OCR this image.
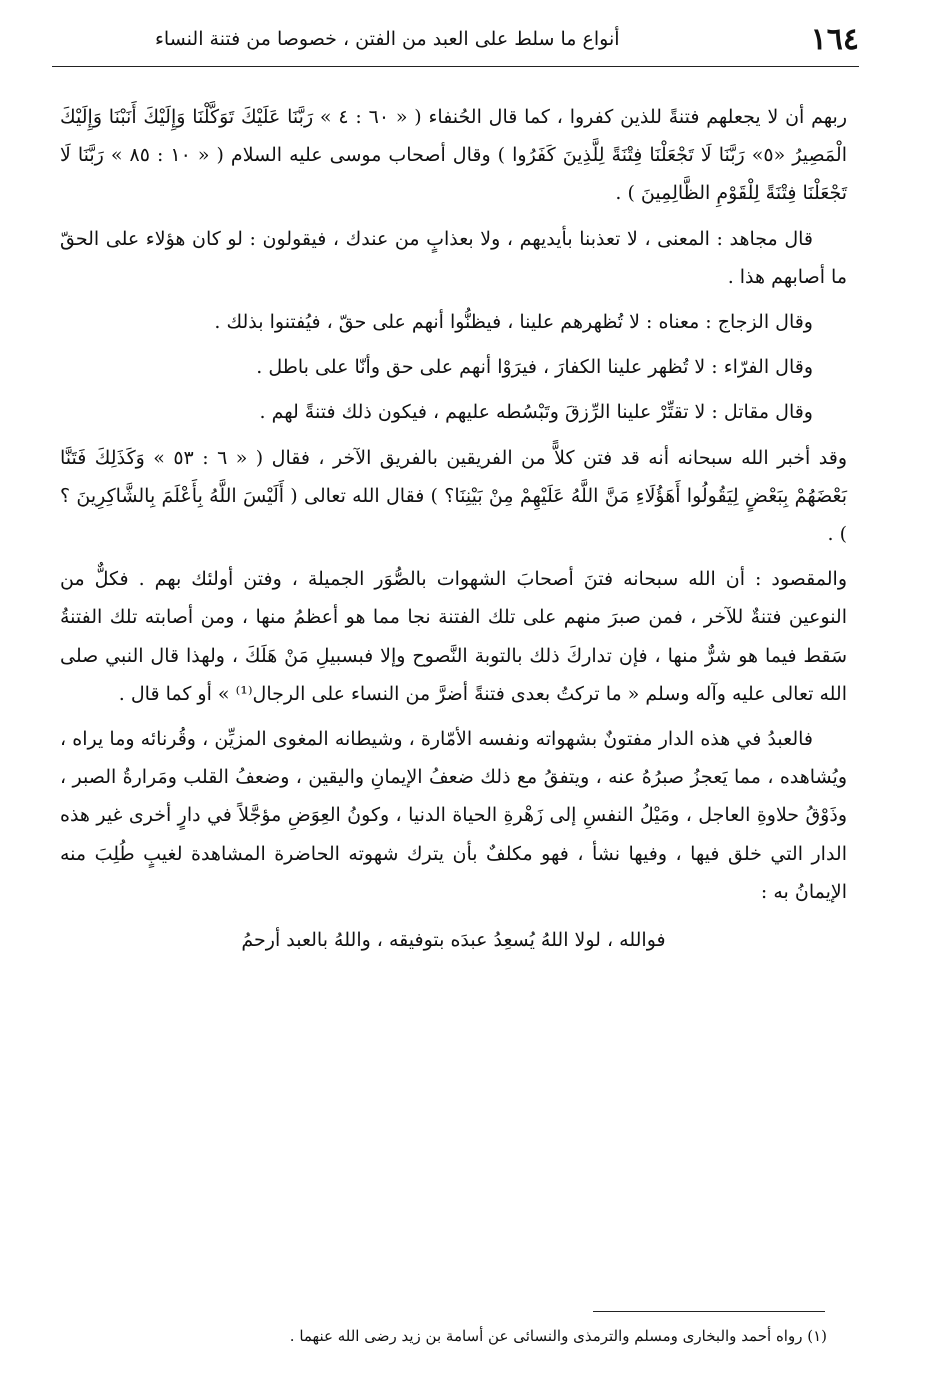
١٦٤
أنواع ما سلط على العبد من الفتن ، خصوصا من فتنة النساء

ربهم أن لا يجعلهم فتنةً للذين كفروا ، كما قال الحُنفاء ( « ٦٠ : ٤ » رَبَّنَا عَلَيْكَ تَوَكَّلْنَا وَإِلَيْكَ أَنَبْنَا وَإِلَيْكَ الْمَصِيرُ «٥» رَبَّنَا لَا تَجْعَلْنَا فِتْنَةً لِلَّذِينَ كَفَرُوا ) وقال أصحاب موسى عليه السلام ( « ١٠ : ٨٥ » رَبَّنَا لَا تَجْعَلْنَا فِتْنَةً لِلْقَوْمِ الظَّالِمِينَ ) .

قال مجاهد : المعنى ، لا تعذبنا بأيديهم ، ولا بعذابٍ من عندك ، فيقولون : لو كان هؤلاء على الحقّ ما أصابهم هذا .

وقال الزجاج : معناه : لا تُظهرهم علينا ، فيظنُّوا أنهم على حقّ ، فيُفتنوا بذلك .

وقال الفرّاء : لا تُظهر علينا الكفارَ ، فيرَوْا أنهم على حق وأنّا على باطل .

وقال مقاتل : لا تقتِّرْ علينا الرِّزقَ وتَبْسُطه عليهم ، فيكون ذلك فتنةً لهم .

وقد أخبر الله سبحانه أنه قد فتن كلاًّ من الفريقين بالفريق الآخر ، فقال ( « ٦ : ٥٣ » وَكَذَلِكَ فَتَنَّا بَعْضَهُمْ بِبَعْضٍ لِيَقُولُوا أَهَؤُلَاءِ مَنَّ اللَّهُ عَلَيْهِمْ مِنْ بَيْنِنَا؟ ) فقال الله تعالى ( أَلَيْسَ اللَّهُ بِأَعْلَمَ بِالشَّاكِرِينَ ؟ ) .

والمقصود : أن الله سبحانه فتنَ أصحابَ الشهوات بالصُّوَر الجميلة ، وفتن أولئك بهم . فكلٌّ من النوعين فتنةٌ للآخر ، فمن صبرَ منهم على تلك الفتنة نجا مما هو أعظمُ منها ، ومن أصابته تلك الفتنةُ سَقط فيما هو شرٌّ منها ، فإن تداركَ ذلك بالتوبة النَّصوح وإلا فبسبيلِ مَنْ هَلَكَ ، ولهذا قال النبي صلى الله تعالى عليه وآله وسلم « ما تركتُ بعدى فتنةً أضرَّ من النساء على الرجال⁽¹⁾ » أو كما قال .

فالعبدُ في هذه الدار مفتونٌ بشهواته ونفسه الأمّارة ، وشيطانه المغوى المزيِّن ، وقُرنائه وما يراه ، ويُشاهده ، مما يَعجزُ صبرُهُ عنه ، ويتفقُ مع ذلك ضعفُ الإيمانِ واليقين ، وضعفُ القلب ومَرارةُ الصبر ، وذَوْقُ حلاوةِ العاجل ، ومَيْلُ النفسِ إلى زَهْرةِ الحياة الدنيا ، وكونُ العِوَضِ مؤجَّلاً في دارٍ أخرى غير هذه الدار التي خلق فيها ، وفيها نشأ ، فهو مكلفٌ بأن يترك شهوته الحاضرة المشاهدة لغيبٍ طُلِبَ منه الإيمانُ به :

فوالله ، لولا اللهُ يُسعِدُ عبدَه بتوفيقه ، واللهُ بالعبد أرحمُ

(١) رواه أحمد والبخارى ومسلم والترمذى والنسائى عن أسامة بن زيد رضى الله عنهما .
